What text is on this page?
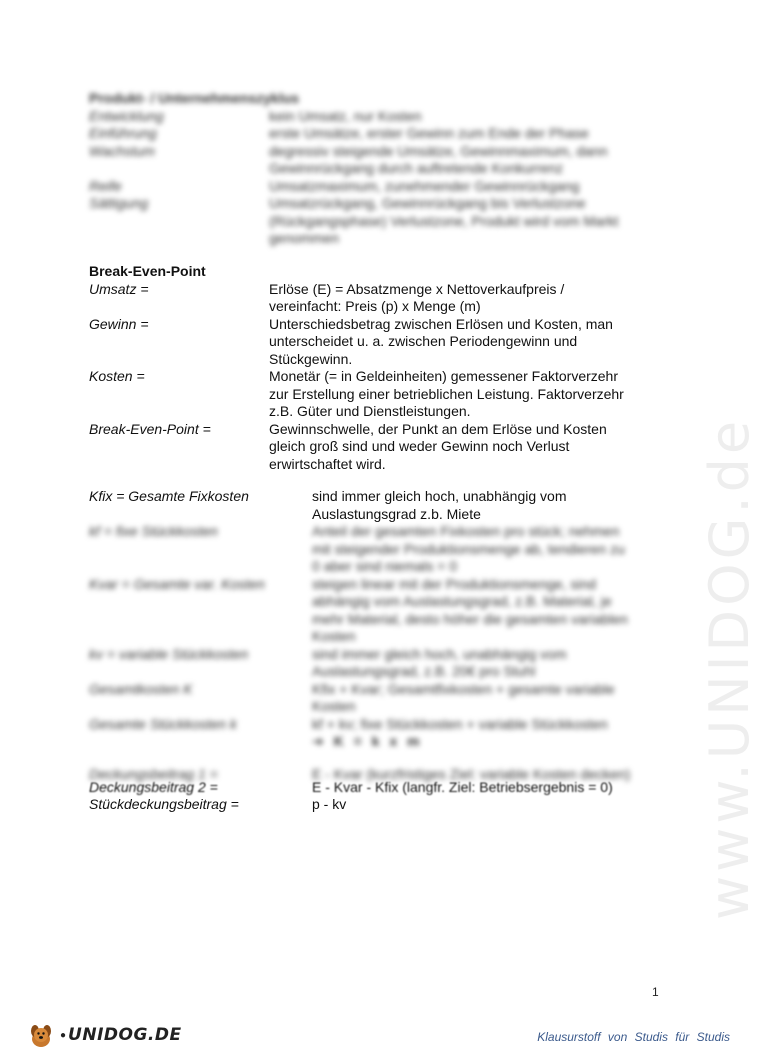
www.UNIDOG.de
Produkt- / Unternehmenszyklus
Entwicklung	kein Umsatz, nur Kosten
Einführung	erste Umsätze, erster Gewinn zum Ende der Phase
Wachstum	degressiv steigende Umsätze, Gewinnmaximum, dann
Gewinnrückgang durch auftretende Konkurrenz
Reife	Umsatzmaximum, zunehmender Gewinnrückgang
Sättigung	Umsatzrückgang, Gewinnrückgang bis Verlustzone
(Rückgangsphase) Verlustzone, Produkt wird vom Markt
genommen
Break-Even-Point
Umsatz =	Erlöse (E) = Absatzmenge x Nettoverkaufpreis /
vereinfacht: Preis (p) x Menge (m)
Gewinn =	Unterschiedsbetrag zwischen Erlösen und Kosten, man
unterscheidet u. a. zwischen Periodengewinn und
Stückgewinn.
Kosten =	Monetär (= in Geldeinheiten) gemessener Faktorverzehr
zur Erstellung einer betrieblichen Leistung. Faktorverzehr
z.B. Güter und Dienstleistungen.
Break-Even-Point =	Gewinnschwelle, der Punkt an dem Erlöse und Kosten
gleich groß sind und weder Gewinn noch Verlust
erwirtschaftet wird.
Kfix = Gesamte Fixkosten	sind immer gleich hoch, unabhängig vom
Auslastungsgrad z.b. Miete
kf = fixe Stückkosten	Anteil der gesamten Fixkosten pro stück; nehmen
mit steigender Produktionsmenge ab, tendieren zu
0 aber sind niemals = 0
Kvar = Gesamte var. Kosten	steigen linear mit der Produktionsmenge, sind
abhängig vom Auslastungsgrad, z.B. Material, je
mehr Material, desto höher die gesamten variablen
Kosten
kv = variable Stückkosten	sind immer gleich hoch, unabhängig vom
Auslastungsgrad, z.B. 20€ pro Stuhl
Gesamtkosten K	Kfix + Kvar; Gesamtfixkosten + gesamte variable
Kosten
Gesamte Stückkosten k	kf + kv; fixe Stückkosten + variable Stückkosten
➔ K = k x m
Deckungsbeitrag 1 =	E - Kvar (kurzfristiges Ziel: variable Kosten decken)
Deckungsbeitrag 2 =	E - Kvar - Kfix (langfr. Ziel: Betriebsergebnis = 0)
Stückdeckungsbeitrag =	p - kv
1
● UNIDOG.DE	Klausurstoff von Studis für Studis
